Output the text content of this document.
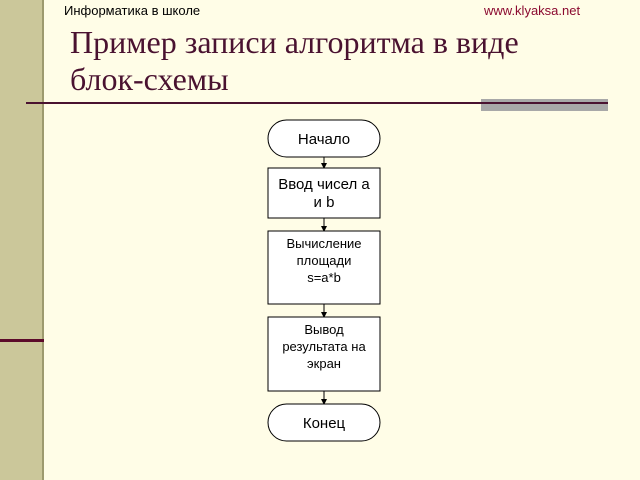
Информатика в школе	www.klyaksa.net
Пример записи алгоритма в виде блок-схемы
Начало
Ввод чисел a
и b
Вычисление
площади
s=a*b
Вывод
результата на
экран
Конец
